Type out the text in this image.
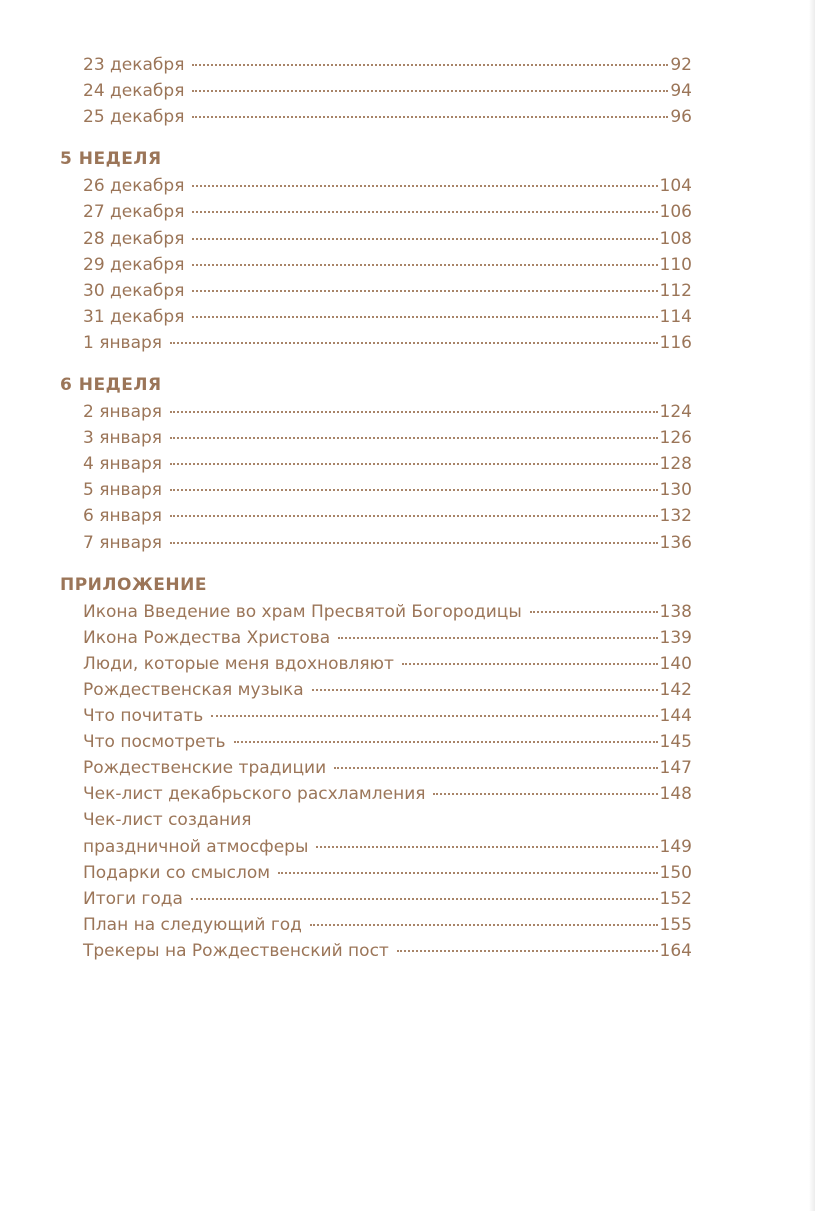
23 декабря	92
24 декабря	94
25 декабря	96
5 НЕДЕЛЯ
26 декабря	104
27 декабря	106
28 декабря	108
29 декабря	110
30 декабря	112
31 декабря	114
1 января	116
6 НЕДЕЛЯ
2 января	124
3 января	126
4 января	128
5 января	130
6 января	132
7 января	136
ПРИЛОЖЕНИЕ
Икона Введение во храм Пресвятой Богородицы	138
Икона Рождества Христова	139
Люди, которые меня вдохновляют	140
Рождественская музыка	142
Что почитать	144
Что посмотреть	145
Рождественские традиции	147
Чек-лист декабрьского расхламления	148
Чек-лист создания
праздничной атмосферы	149
Подарки со смыслом	150
Итоги года	152
План на следующий год	155
Трекеры на Рождественский пост	164
